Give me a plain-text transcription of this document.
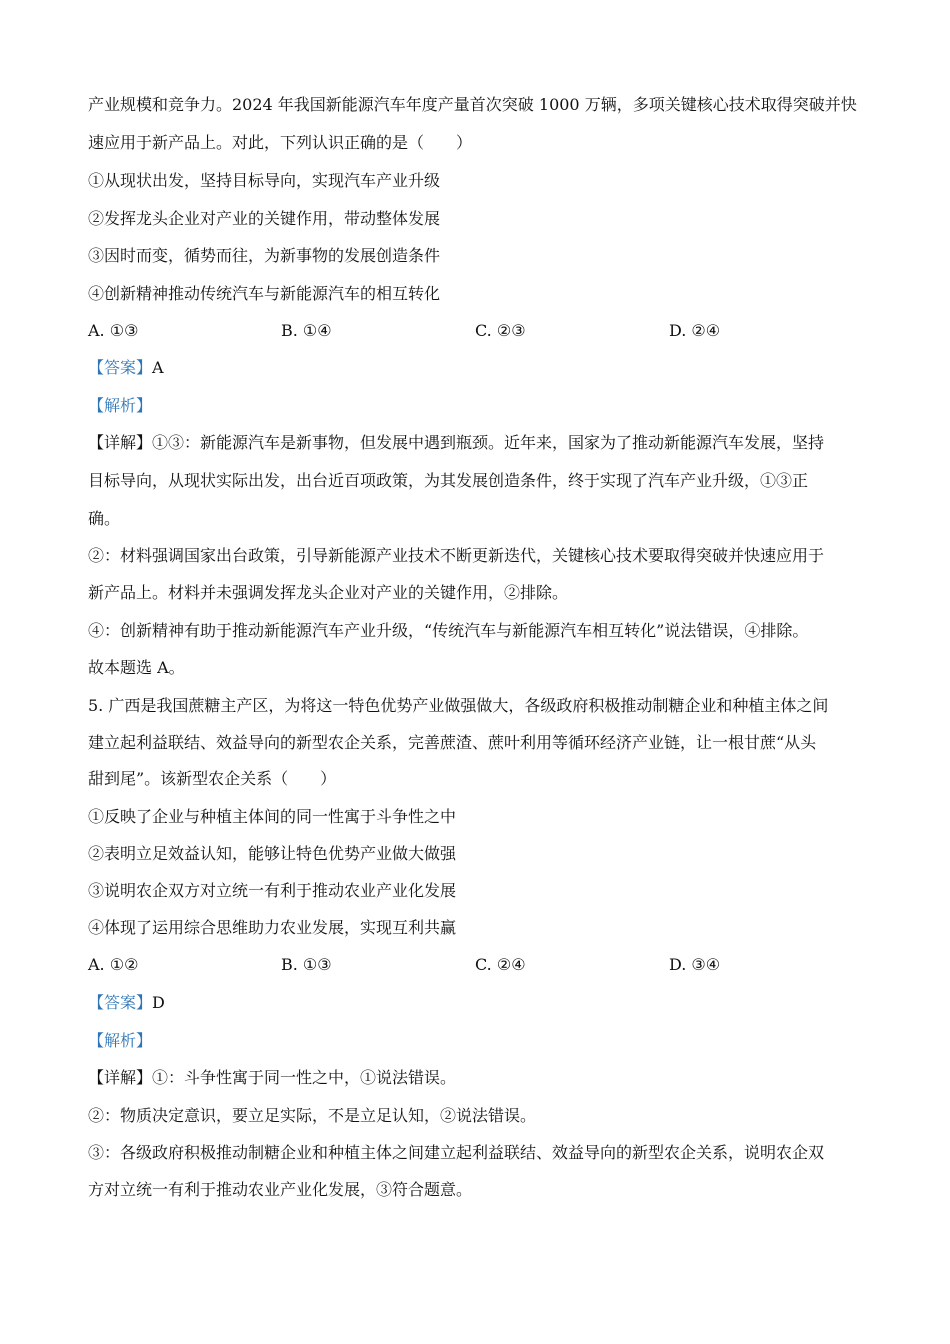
产业规模和竞争力。2024 年我国新能源汽车年度产量首次突破 1000 万辆，多项关键核心技术取得突破并快
速应用于新产品上。对此，下列认识正确的是（　　）
①从现状出发，坚持目标导向，实现汽车产业升级
②发挥龙头企业对产业的关键作用，带动整体发展
③因时而变，循势而往，为新事物的发展创造条件
④创新精神推动传统汽车与新能源汽车的相互转化
A. ①③	B. ①④	C. ②③	D. ②④
【答案】A
【解析】
【详解】①③：新能源汽车是新事物，但发展中遇到瓶颈。近年来，国家为了推动新能源汽车发展，坚持
目标导向，从现状实际出发，出台近百项政策，为其发展创造条件，终于实现了汽车产业升级，①③正
确。
②：材料强调国家出台政策，引导新能源产业技术不断更新迭代，关键核心技术要取得突破并快速应用于
新产品上。材料并未强调发挥龙头企业对产业的关键作用，②排除。
④：创新精神有助于推动新能源汽车产业升级，“传统汽车与新能源汽车相互转化”说法错误，④排除。
故本题选 A。
5. 广西是我国蔗糖主产区，为将这一特色优势产业做强做大，各级政府积极推动制糖企业和种植主体之间
建立起利益联结、效益导向的新型农企关系，完善蔗渣、蔗叶利用等循环经济产业链，让一根甘蔗“从头
甜到尾”。该新型农企关系（　　）
①反映了企业与种植主体间的同一性寓于斗争性之中
②表明立足效益认知，能够让特色优势产业做大做强
③说明农企双方对立统一有利于推动农业产业化发展
④体现了运用综合思维助力农业发展，实现互利共赢
A. ①②	B. ①③	C. ②④	D. ③④
【答案】D
【解析】
【详解】①：斗争性寓于同一性之中，①说法错误。
②：物质决定意识，要立足实际，不是立足认知，②说法错误。
③：各级政府积极推动制糖企业和种植主体之间建立起利益联结、效益导向的新型农企关系，说明农企双
方对立统一有利于推动农业产业化发展，③符合题意。
